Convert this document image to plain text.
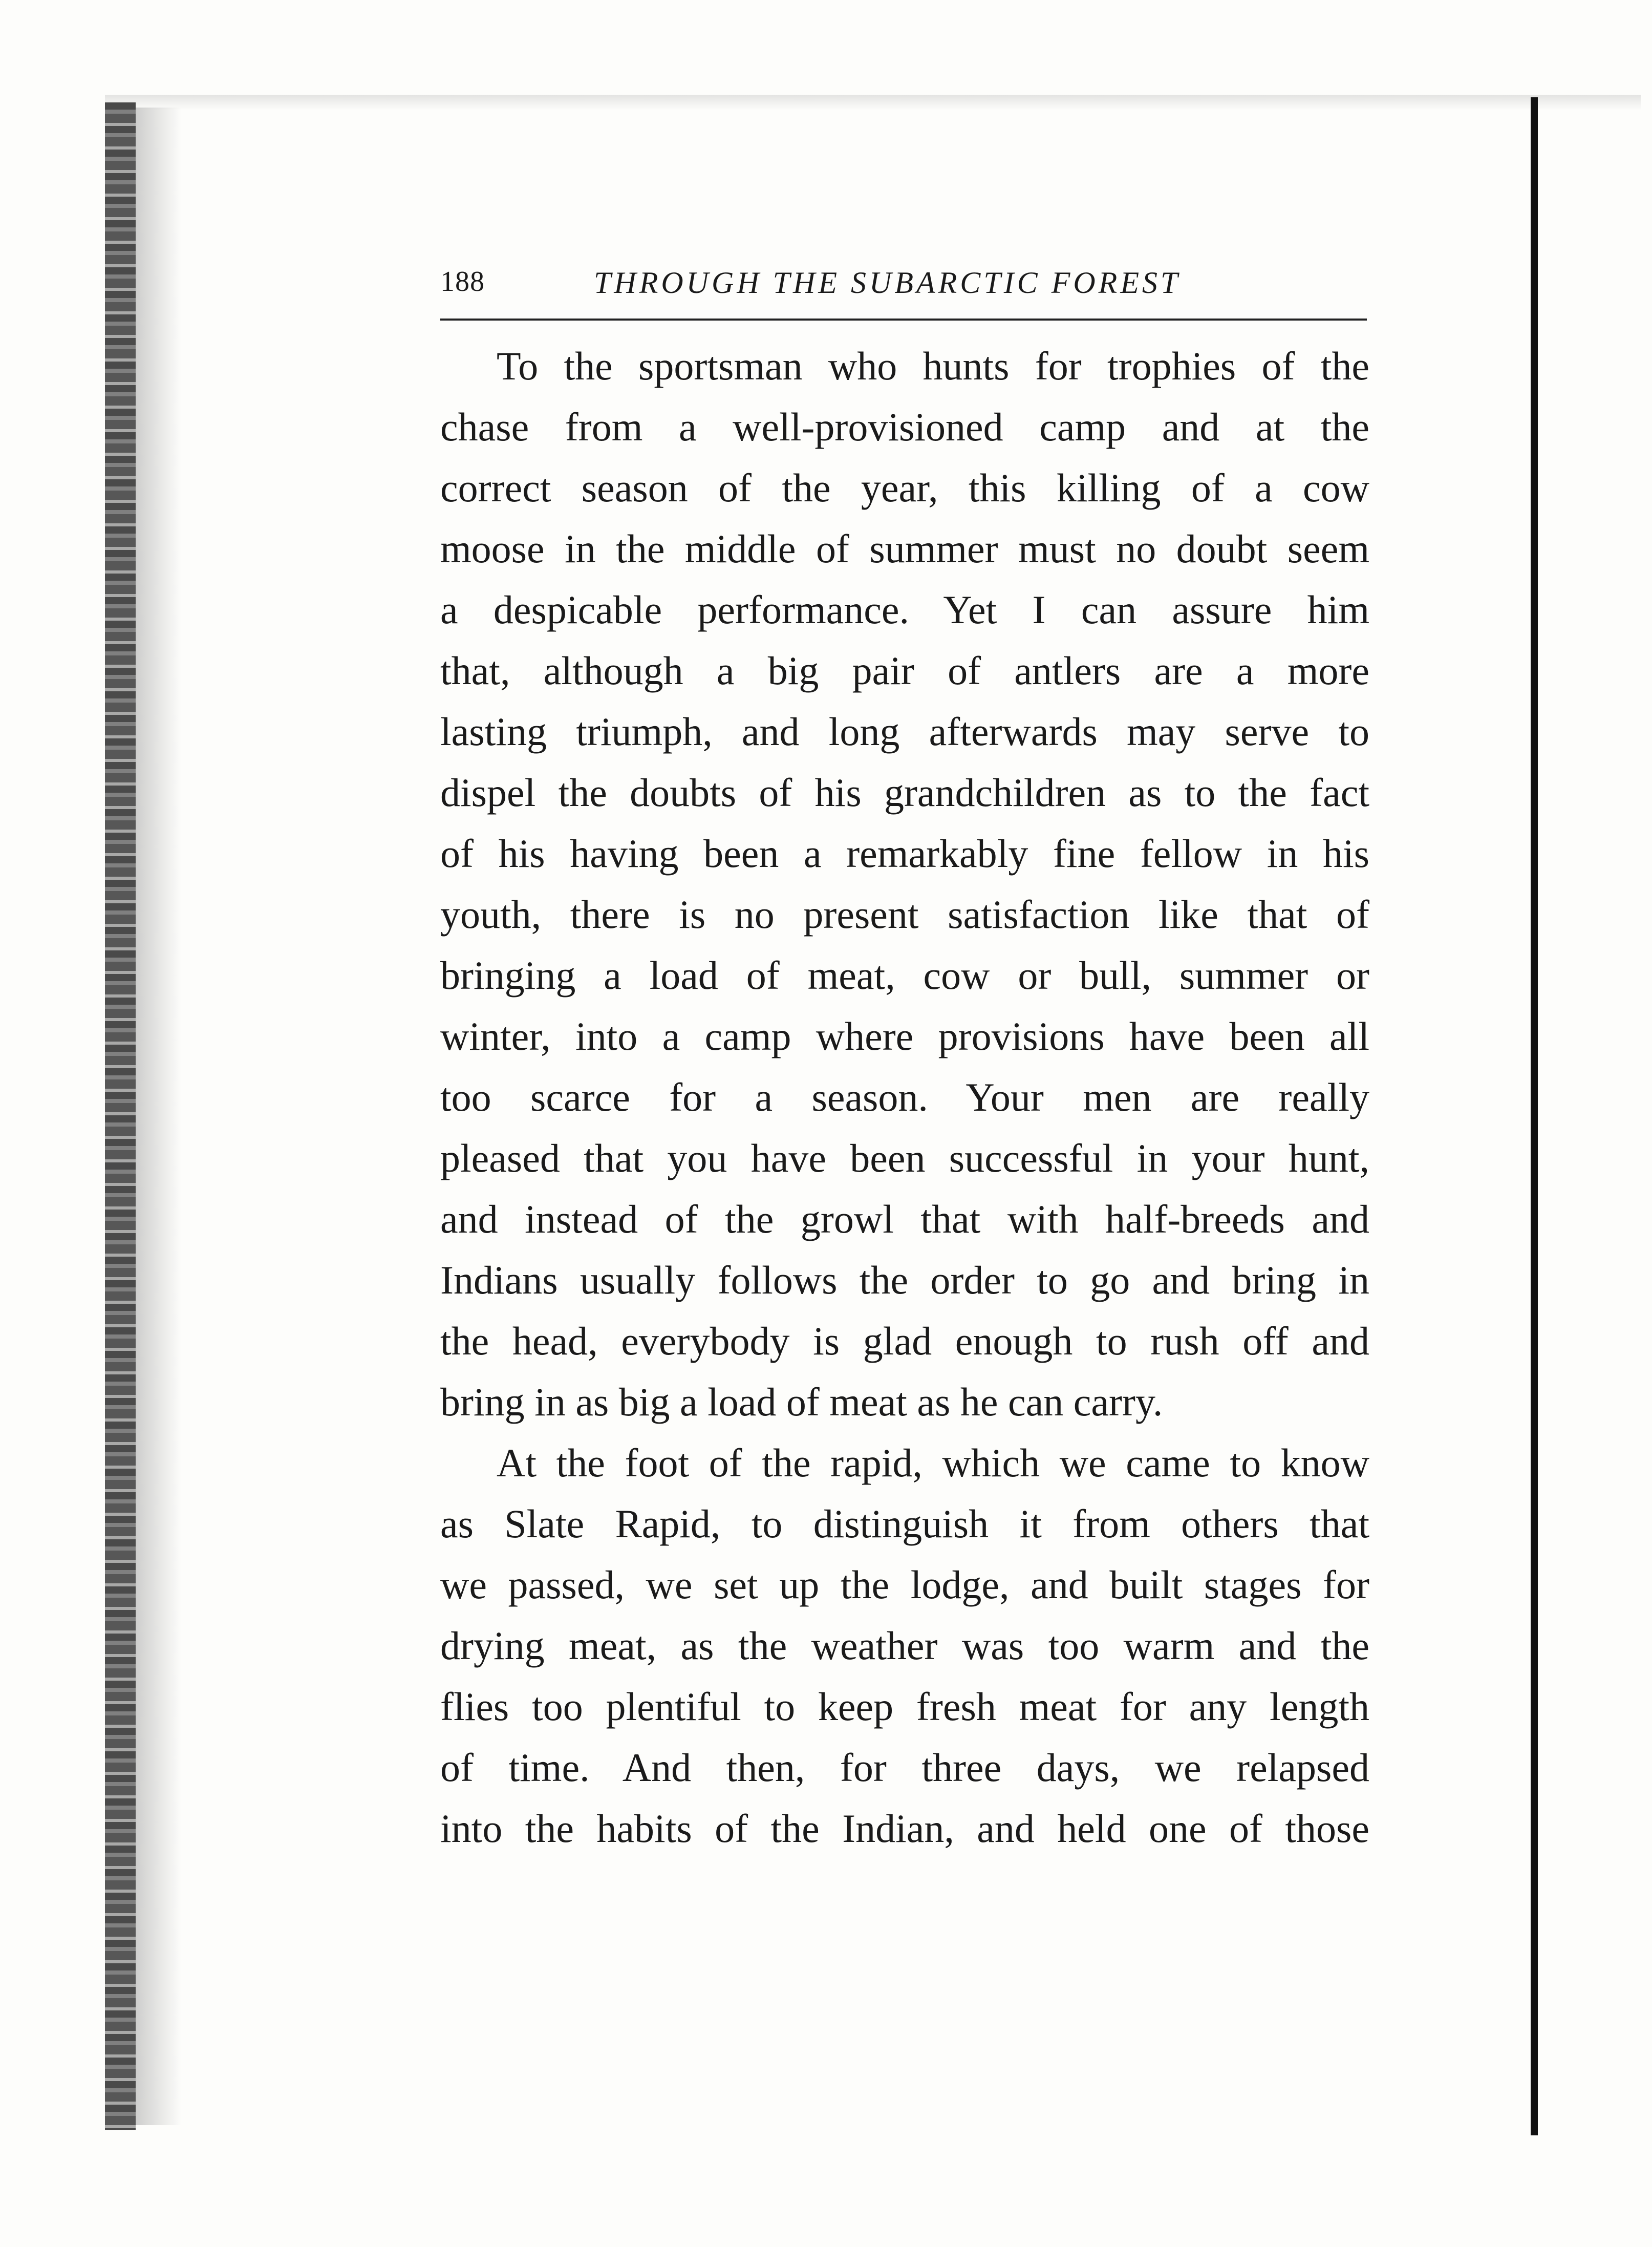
188	THROUGH THE SUBARCTIC FOREST
To the sportsman who hunts for trophies of the
chase from a well-provisioned camp and at the
correct season of the year, this killing of a cow
moose in the middle of summer must no doubt seem
a despicable performance. Yet I can assure him
that, although a big pair of antlers are a more
lasting triumph, and long afterwards may serve to
dispel the doubts of his grandchildren as to the fact
of his having been a remarkably fine fellow in his
youth, there is no present satisfaction like that of
bringing a load of meat, cow or bull, summer or
winter, into a camp where provisions have been all
too scarce for a season. Your men are really
pleased that you have been successful in your hunt,
and instead of the growl that with half-breeds and
Indians usually follows the order to go and bring in
the head, everybody is glad enough to rush off and
bring in as big a load of meat as he can carry.
At the foot of the rapid, which we came to know
as Slate Rapid, to distinguish it from others that
we passed, we set up the lodge, and built stages for
drying meat, as the weather was too warm and the
flies too plentiful to keep fresh meat for any length
of time. And then, for three days, we relapsed
into the habits of the Indian, and held one of those
